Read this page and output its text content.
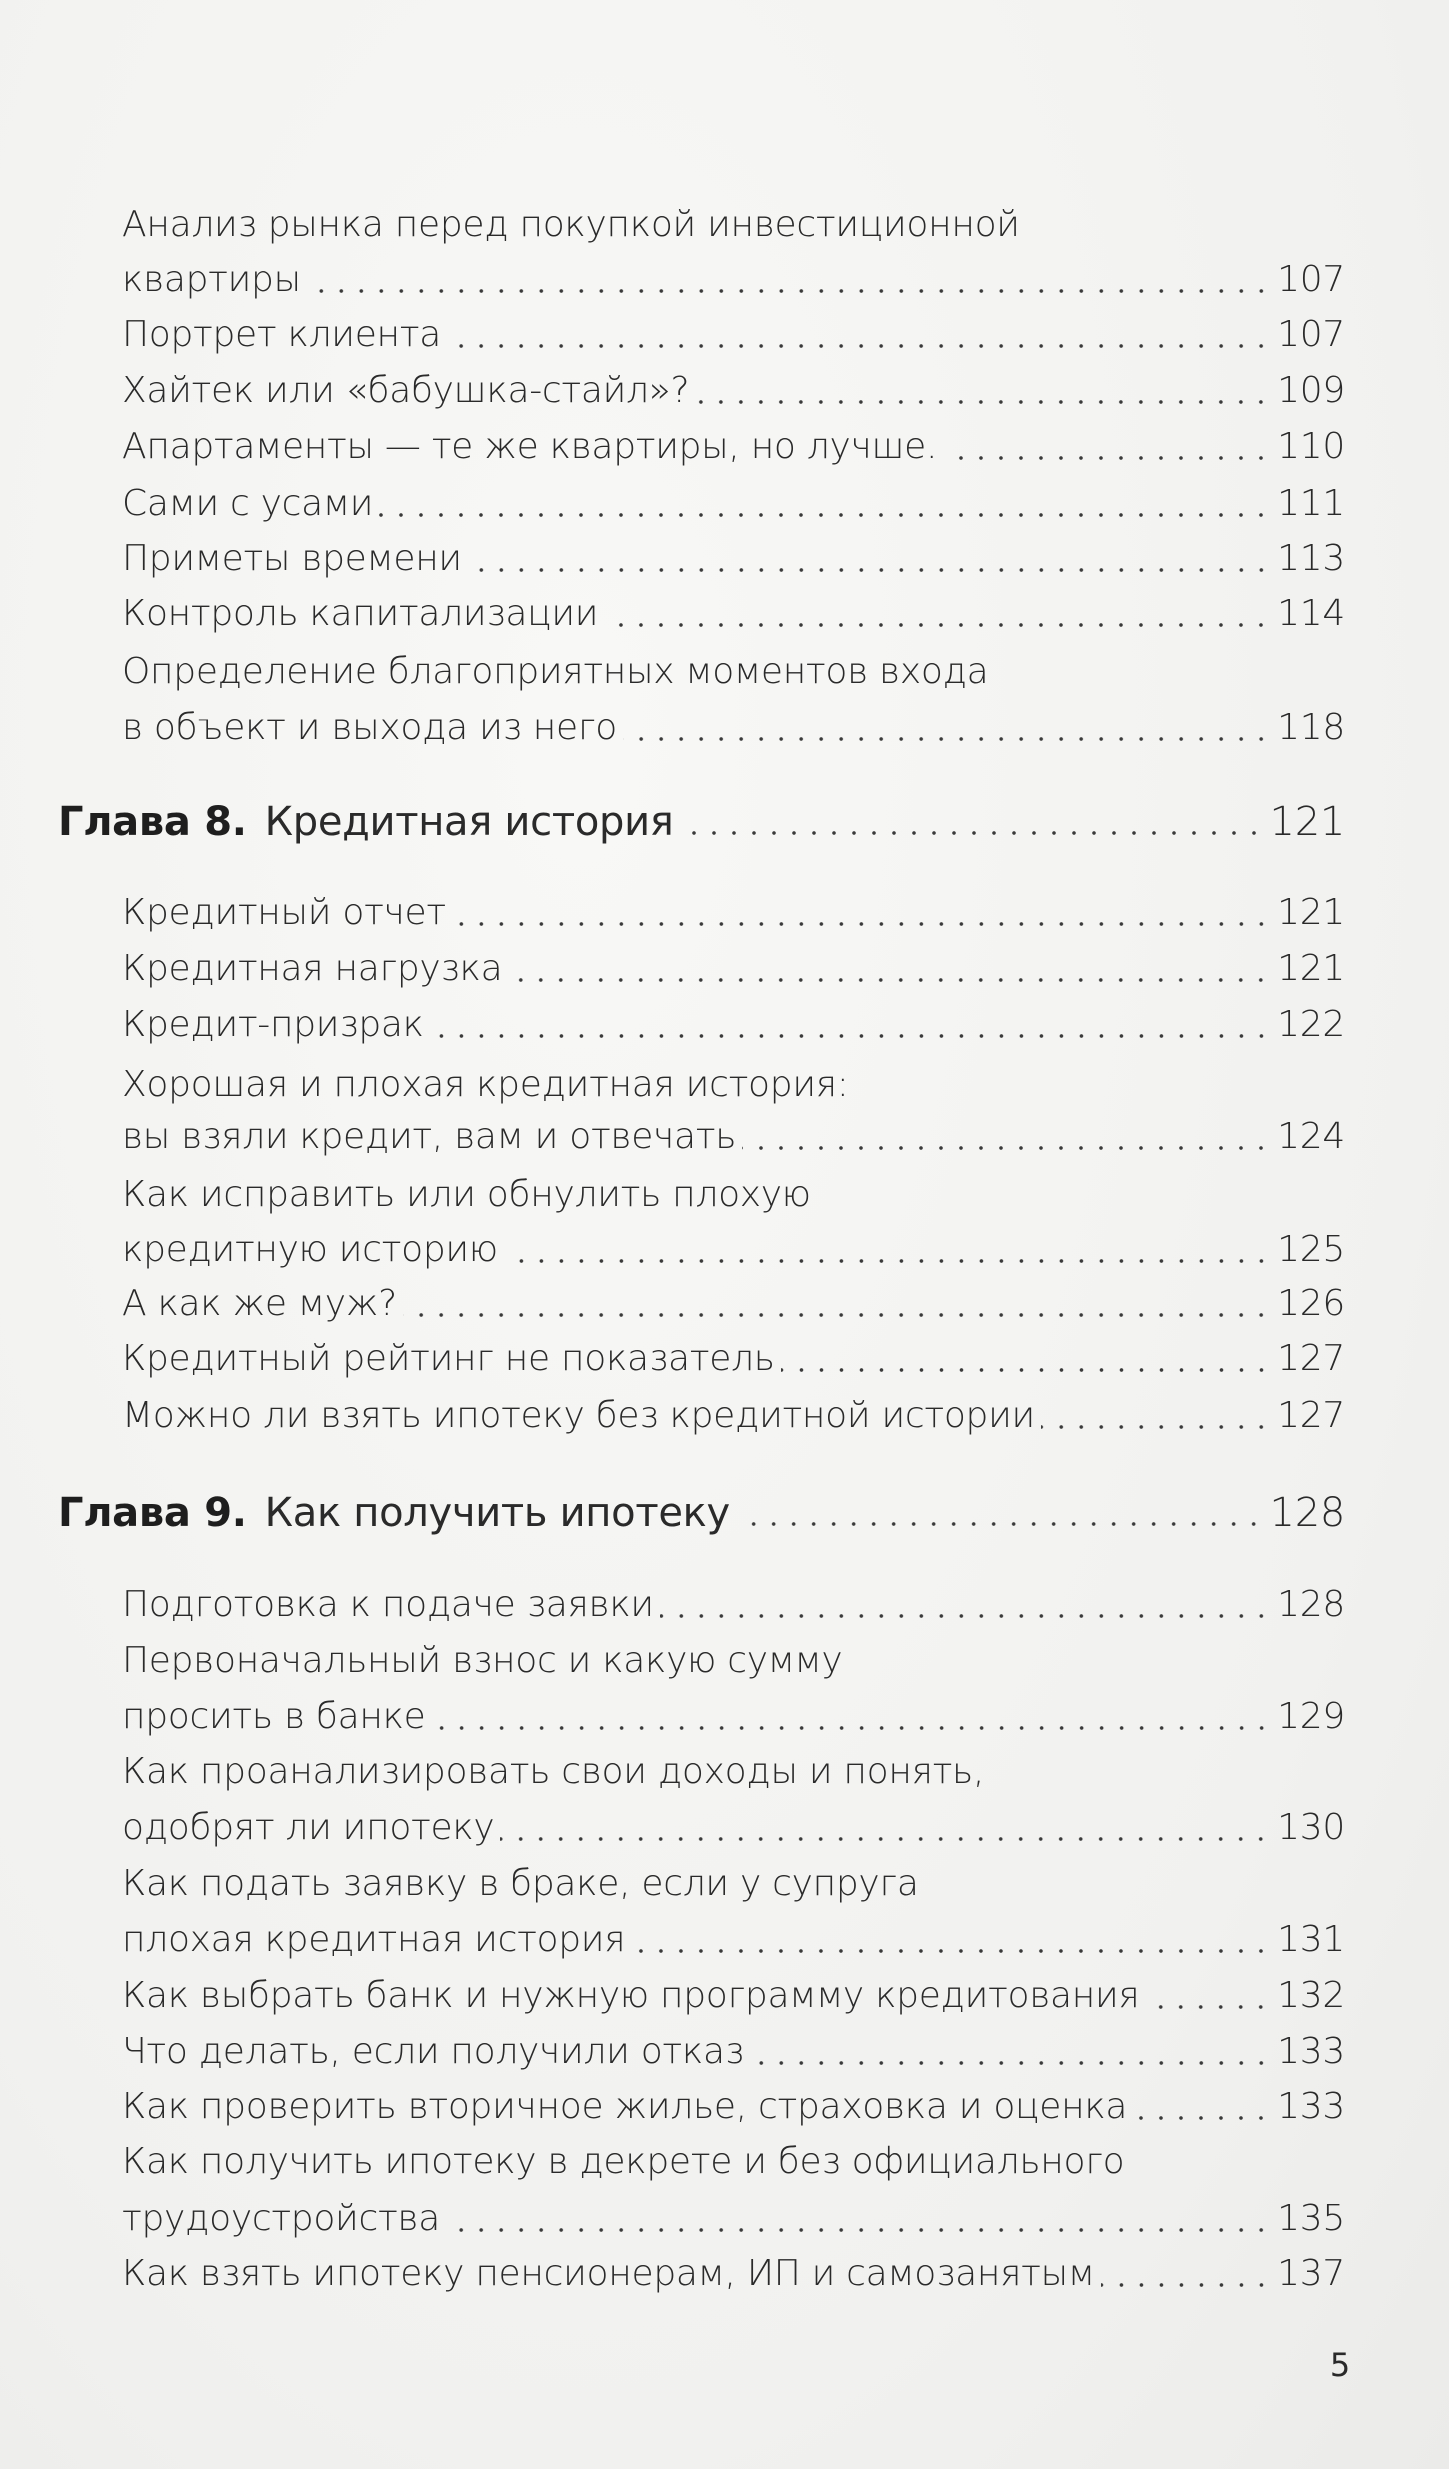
Анализ рынка перед покупкой инвестиционной
квартиры	107
Портрет клиента	107
Хайтек или «бабушка-стайл»?	109
Апартаменты — те же квартиры, но лучше.	110
Сами с усами	111
Приметы времени	113
Контроль капитализации	114
Определение благоприятных моментов входа
в объект и выхода из него	118
Глава 8. Кредитная история	121
Кредитный отчет	121
Кредитная нагрузка	121
Кредит-призрак	122
Хорошая и плохая кредитная история:
вы взяли кредит, вам и отвечать	124
Как исправить или обнулить плохую
кредитную историю	125
А как же муж?	126
Кредитный рейтинг не показатель	127
Можно ли взять ипотеку без кредитной истории	127
Глава 9. Как получить ипотеку	128
Подготовка к подаче заявки	128
Первоначальный взнос и какую сумму
просить в банке	129
Как проанализировать свои доходы и понять,
одобрят ли ипотеку	130
Как подать заявку в браке, если у супруга
плохая кредитная история	131
Как выбрать банк и нужную программу кредитования	132
Что делать, если получили отказ	133
Как проверить вторичное жилье, страховка и оценка	133
Как получить ипотеку в декрете и без официального
трудоустройства	135
Как взять ипотеку пенсионерам, ИП и самозанятым	137
5
